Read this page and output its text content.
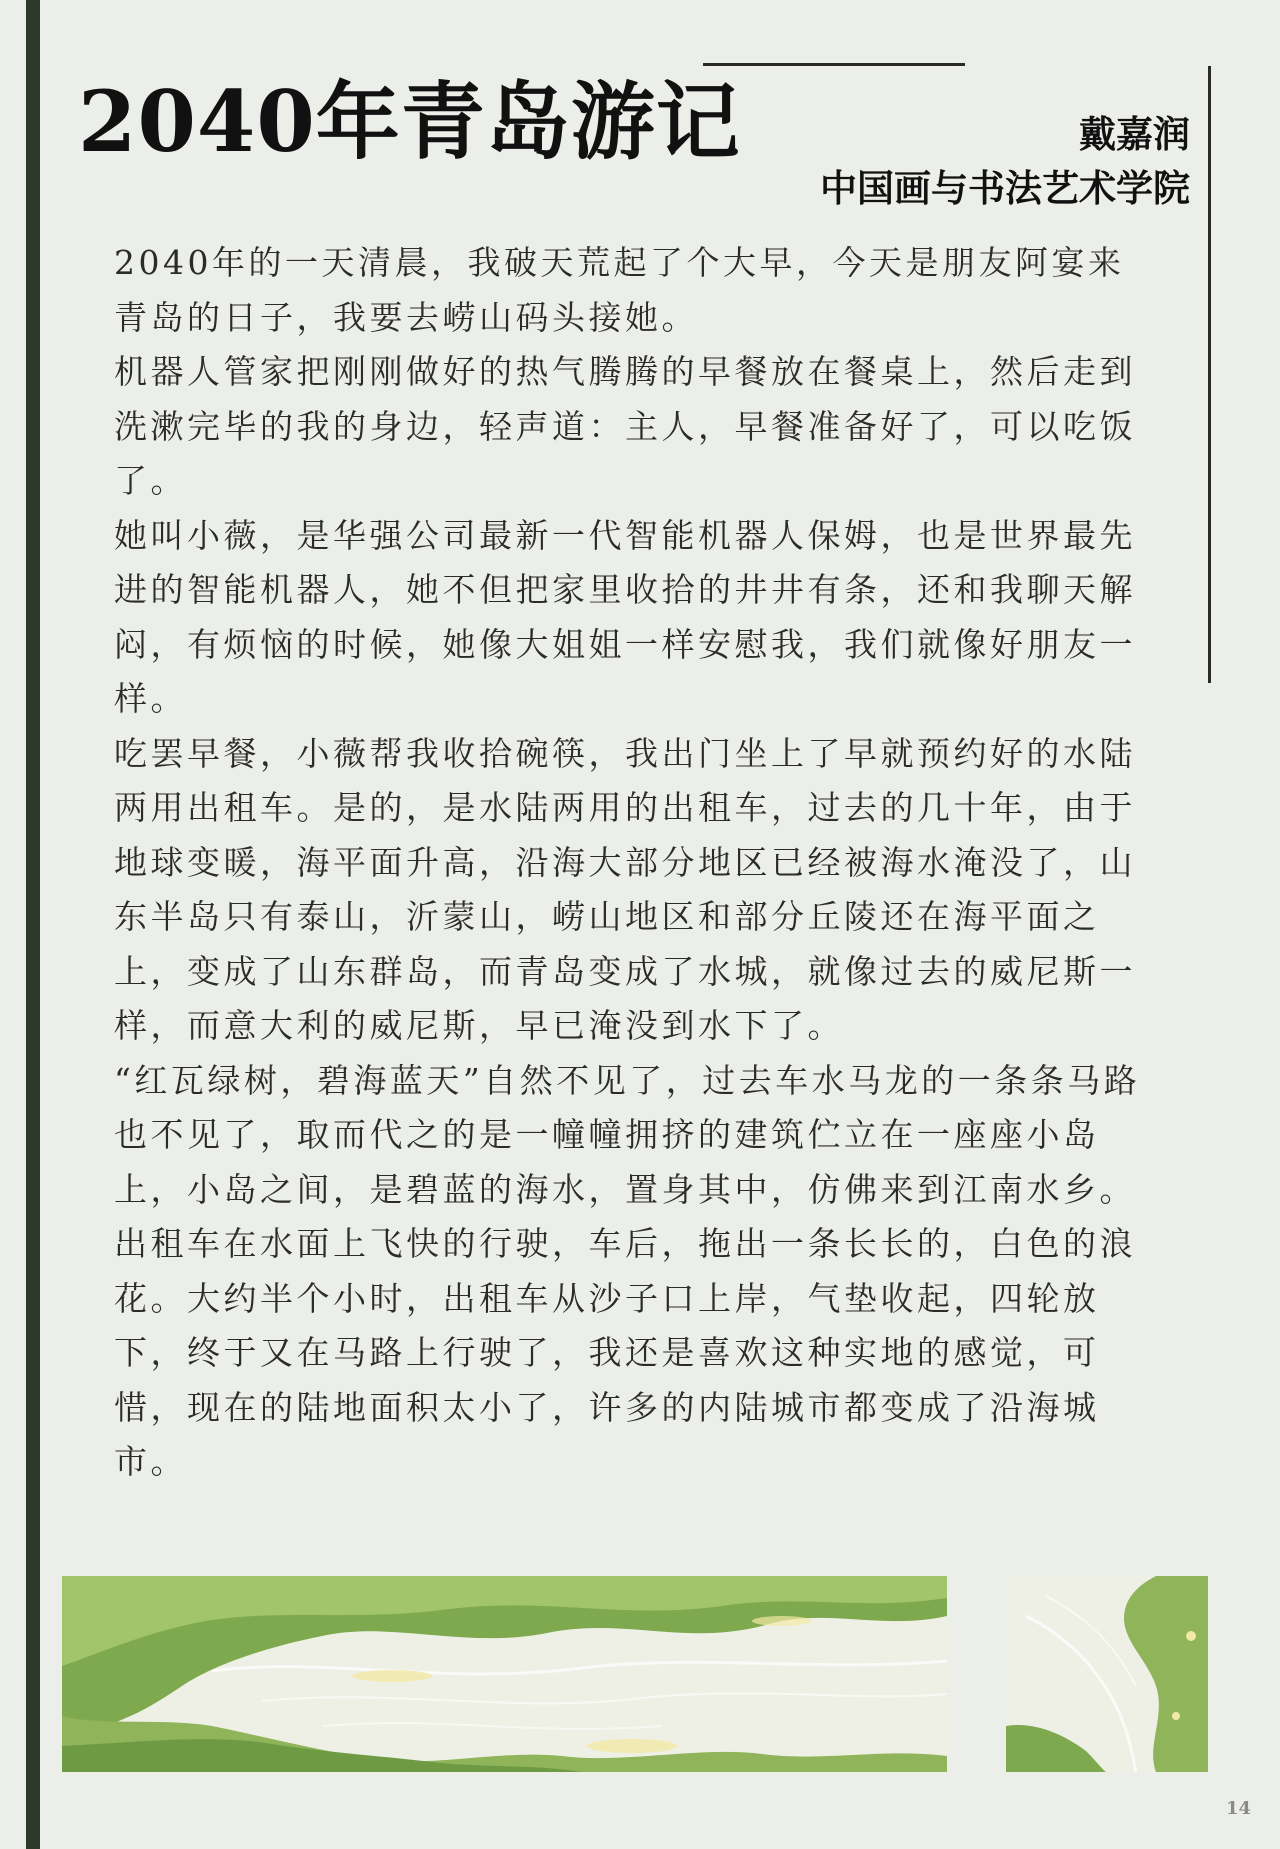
2040年青岛游记	戴嘉润
中国画与书法艺术学院

2040年的一天清晨，我破天荒起了个大早，今天是朋友阿宴来青岛的日子，我要去崂山码头接她。

机器人管家把刚刚做好的热气腾腾的早餐放在餐桌上，然后走到洗漱完毕的我的身边，轻声道：主人，早餐准备好了，可以吃饭了。

她叫小薇，是华强公司最新一代智能机器人保姆，也是世界最先进的智能机器人，她不但把家里收拾的井井有条，还和我聊天解闷，有烦恼的时候，她像大姐姐一样安慰我，我们就像好朋友一样。

吃罢早餐，小薇帮我收拾碗筷，我出门坐上了早就预约好的水陆两用出租车。是的，是水陆两用的出租车，过去的几十年，由于地球变暖，海平面升高，沿海大部分地区已经被海水淹没了，山东半岛只有泰山，沂蒙山，崂山地区和部分丘陵还在海平面之上，变成了山东群岛，而青岛变成了水城，就像过去的威尼斯一样，而意大利的威尼斯，早已淹没到水下了。

“红瓦绿树，碧海蓝天”自然不见了，过去车水马龙的一条条马路也不见了，取而代之的是一幢幢拥挤的建筑伫立在一座座小岛上，小岛之间，是碧蓝的海水，置身其中，仿佛来到江南水乡。

出租车在水面上飞快的行驶，车后，拖出一条长长的，白色的浪花。大约半个小时，出租车从沙子口上岸，气垫收起，四轮放下，终于又在马路上行驶了，我还是喜欢这种实地的感觉，可惜，现在的陆地面积太小了，许多的内陆城市都变成了沿海城市。

14
